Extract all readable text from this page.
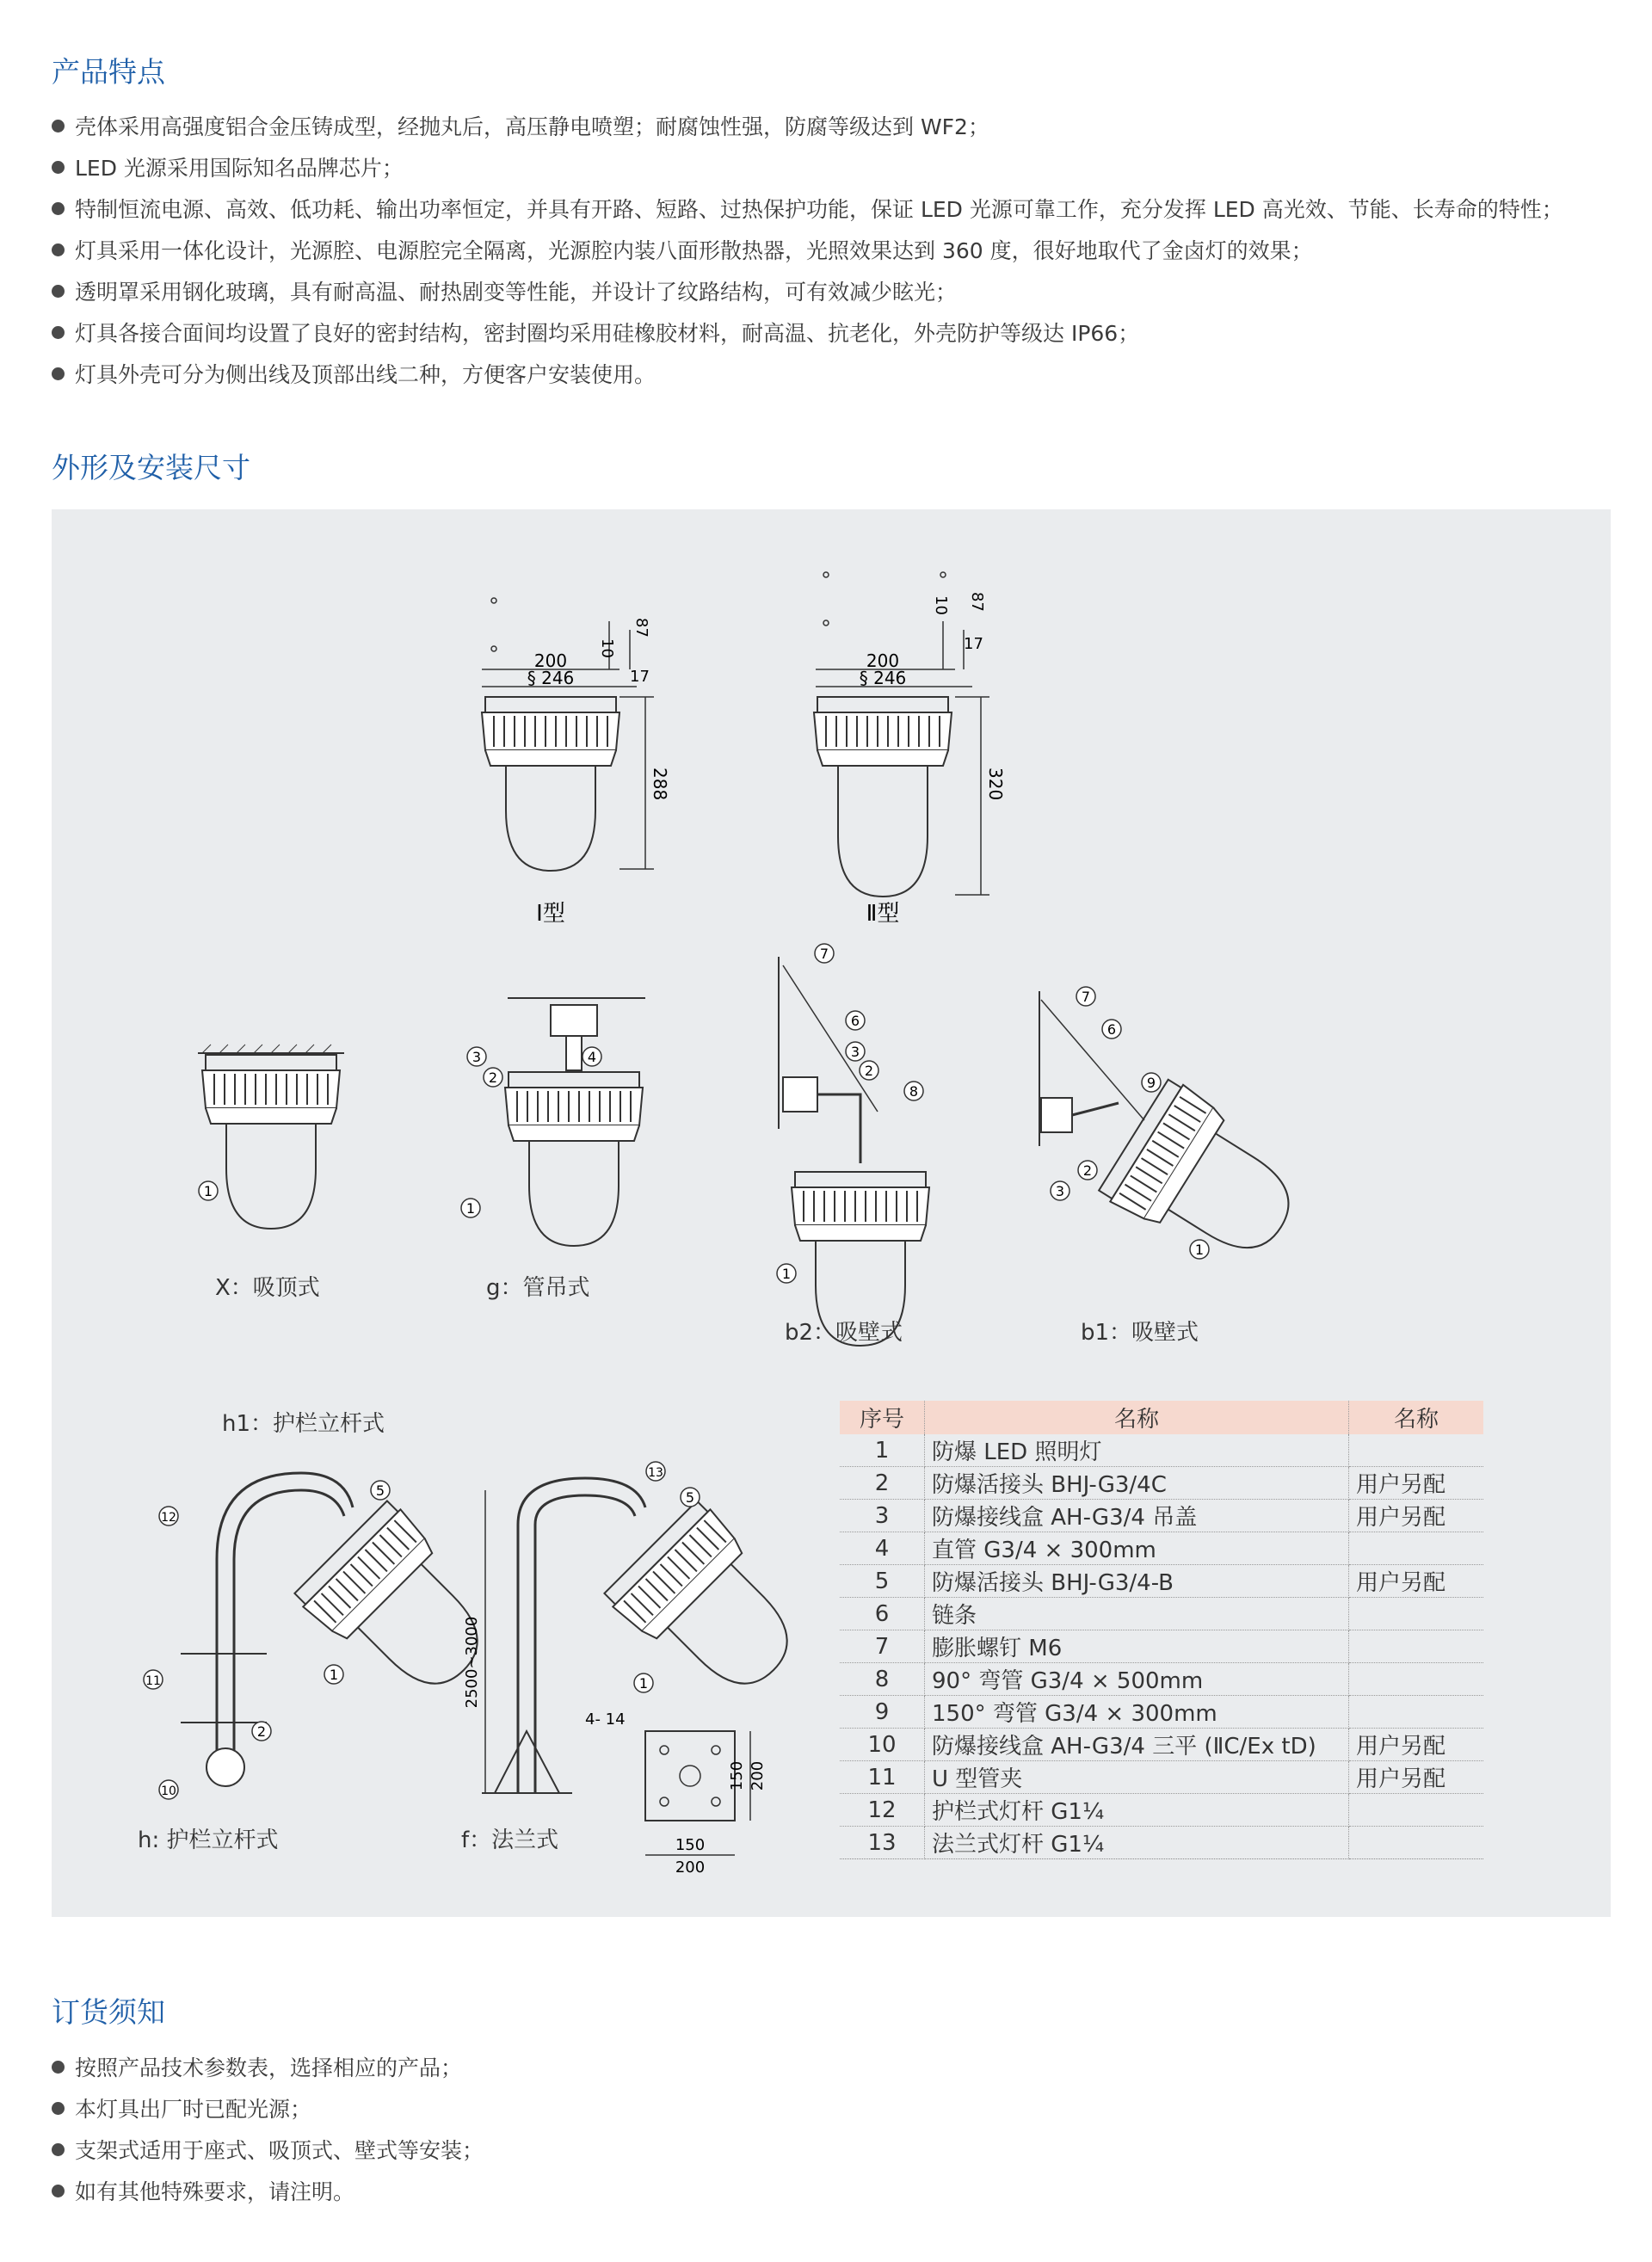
产品特点
壳体采用高强度铝合金压铸成型，经抛丸后，高压静电喷塑；耐腐蚀性强，防腐等级达到 WF2；
LED 光源采用国际知名品牌芯片；
特制恒流电源、高效、低功耗、输出功率恒定，并具有开路、短路、过热保护功能，保证 LED 光源可靠工作，充分发挥 LED 高光效、节能、长寿命的特性；
灯具采用一体化设计，光源腔、电源腔完全隔离，光源腔内装八面形散热器，光照效果达到 360 度，很好地取代了金卤灯的效果；
透明罩采用钢化玻璃，具有耐高温、耐热剧变等性能，并设计了纹路结构，可有效减少眩光；
灯具各接合面间均设置了良好的密封结构，密封圈均采用硅橡胶材料，耐高温、抗老化，外壳防护等级达 IP66；
灯具外壳可分为侧出线及顶部出线二种，方便客户安装使用。
外形及安装尺寸
200
§ 246
10
87
17
288
Ⅰ型
200
§ 246
10 87
17
320
Ⅱ型
1
3
2
4
1
7
6
3
2
8
1
7
6
9
2
3
1
12
5
11
2
10
1	2500~3000
13
5
1
4- 14
150
200
150 200
X：吸顶式	g：管吊式
b2：吸壁式	b1：吸壁式
h1：护栏立杆式
h: 护栏立杆式	f：法兰式
序号	名称	名称
1	防爆 LED 照明灯	
2	防爆活接头 BHJ-G3/4C	用户另配
3	防爆接线盒 AH-G3/4 吊盖	用户另配
4	直管 G3/4 × 300mm	
5	防爆活接头 BHJ-G3/4-B	用户另配
6	链条	
7	膨胀螺钉 M6	
8	90° 弯管 G3/4 × 500mm	
9	150° 弯管 G3/4 × 300mm	
10	防爆接线盒 AH-G3/4 三平 (ⅡC/Ex tD)	用户另配
11	U 型管夹	用户另配
12	护栏式灯杆 G1¼	
13	法兰式灯杆 G1¼	
订货须知
按照产品技术参数表，选择相应的产品；
本灯具出厂时已配光源；
支架式适用于座式、吸顶式、壁式等安装；
如有其他特殊要求，请注明。
